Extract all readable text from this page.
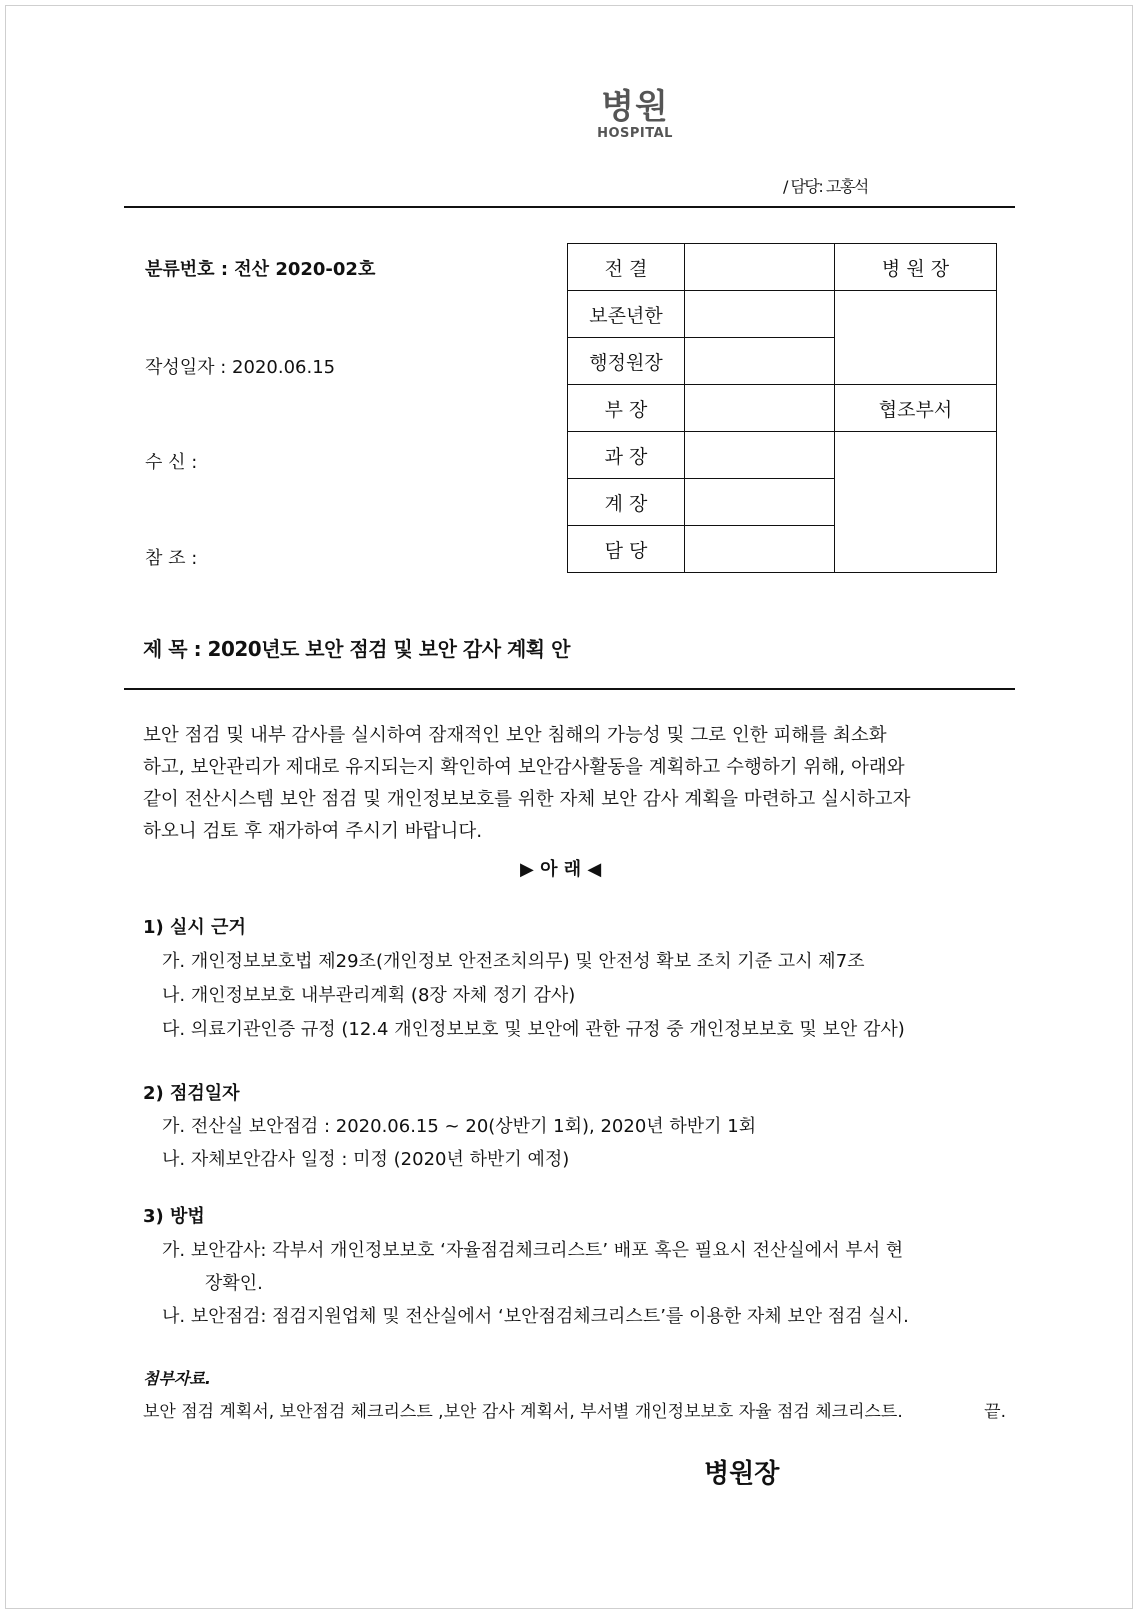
병원
HOSPITAL
/ 담당: 고홍석
분류번호 : 전산 2020-02호
작성일자 : 2020.06.15
수 신 :
참 조 :
전 결		병 원 장
보존년한		
행정원장		
부 장		협조부서
과 장		
계 장		
담 당		
제 목 : 2020년도 보안 점검 및 보안 감사 계획 안

보안 점검 및 내부 감사를 실시하여 잠재적인 보안 침해의 가능성 및 그로 인한 피해를 최소화

하고, 보안관리가 제대로 유지되는지 확인하여 보안감사활동을 계획하고 수행하기 위해, 아래와

같이 전산시스템 보안 점검 및 개인정보보호를 위한 자체 보안 감사 계획을 마련하고 실시하고자

하오니 검토 후 재가하여 주시기 바랍니다.

▶ 아 래 ◀
1) 실시 근거
가. 개인정보보호법 제29조(개인정보 안전조치의무) 및 안전성 확보 조치 기준 고시 제7조
나. 개인정보보호 내부관리계획 (8장 자체 정기 감사)
다. 의료기관인증 규정 (12.4 개인정보보호 및 보안에 관한 규정 중 개인정보보호 및 보안 감사)
2) 점검일자
가. 전산실 보안점검 : 2020.06.15 ~ 20(상반기 1회), 2020년 하반기 1회
나. 자체보안감사 일정 : 미정 (2020년 하반기 예정)
3) 방법
가. 보안감사: 각부서 개인정보보호 ‘자율점검체크리스트’ 배포 혹은 필요시 전산실에서 부서 현
장확인.
나. 보안점검: 점검지원업체 및 전산실에서 ‘보안점검체크리스트’를 이용한 자체 보안 점검 실시.
첨부자료.
보안 점검 계획서, 보안점검 체크리스트 ,보안 감사 계획서, 부서별 개인정보보호 자율 점검 체크리스트.	끝.
병원장
